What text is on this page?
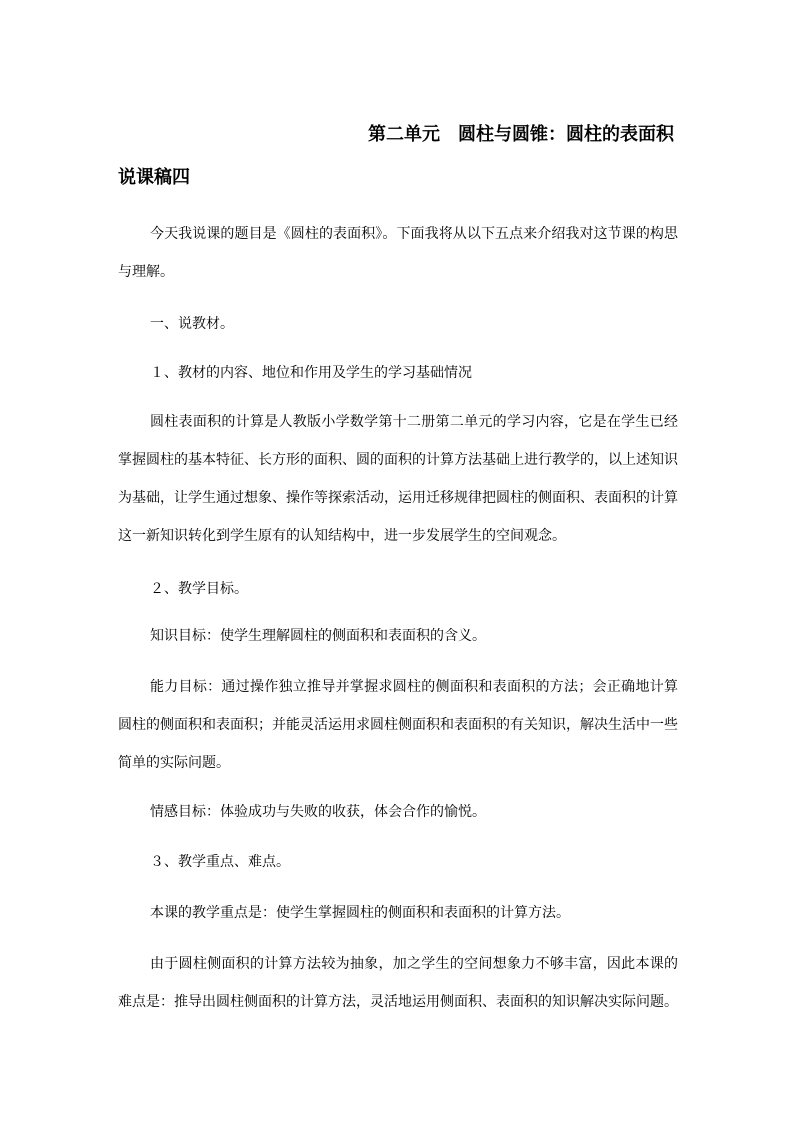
第二单元　圆柱与圆锥：圆柱的表面积
说课稿四

今天我说课的题目是《圆柱的表面积》。下面我将从以下五点来介绍我对这节课的构思与理解。

一、说教材。

１、教材的内容、地位和作用及学生的学习基础情况

圆柱表面积的计算是人教版小学数学第十二册第二单元的学习内容，它是在学生已经掌握圆柱的基本特征、长方形的面积、圆的面积的计算方法基础上进行教学的，以上述知识为基础，让学生通过想象、操作等探索活动，运用迁移规律把圆柱的侧面积、表面积的计算这一新知识转化到学生原有的认知结构中，进一步发展学生的空间观念。

２、教学目标。

知识目标：使学生理解圆柱的侧面积和表面积的含义。

能力目标：通过操作独立推导并掌握求圆柱的侧面积和表面积的方法；会正确地计算圆柱的侧面积和表面积；并能灵活运用求圆柱侧面积和表面积的有关知识，解决生活中一些简单的实际问题。

情感目标：体验成功与失败的收获，体会合作的愉悦。

３、教学重点、难点。

本课的教学重点是：使学生掌握圆柱的侧面积和表面积的计算方法。

由于圆柱侧面积的计算方法较为抽象，加之学生的空间想象力不够丰富，因此本课的难点是：推导出圆柱侧面积的计算方法，灵活地运用侧面积、表面积的知识解决实际问题。
